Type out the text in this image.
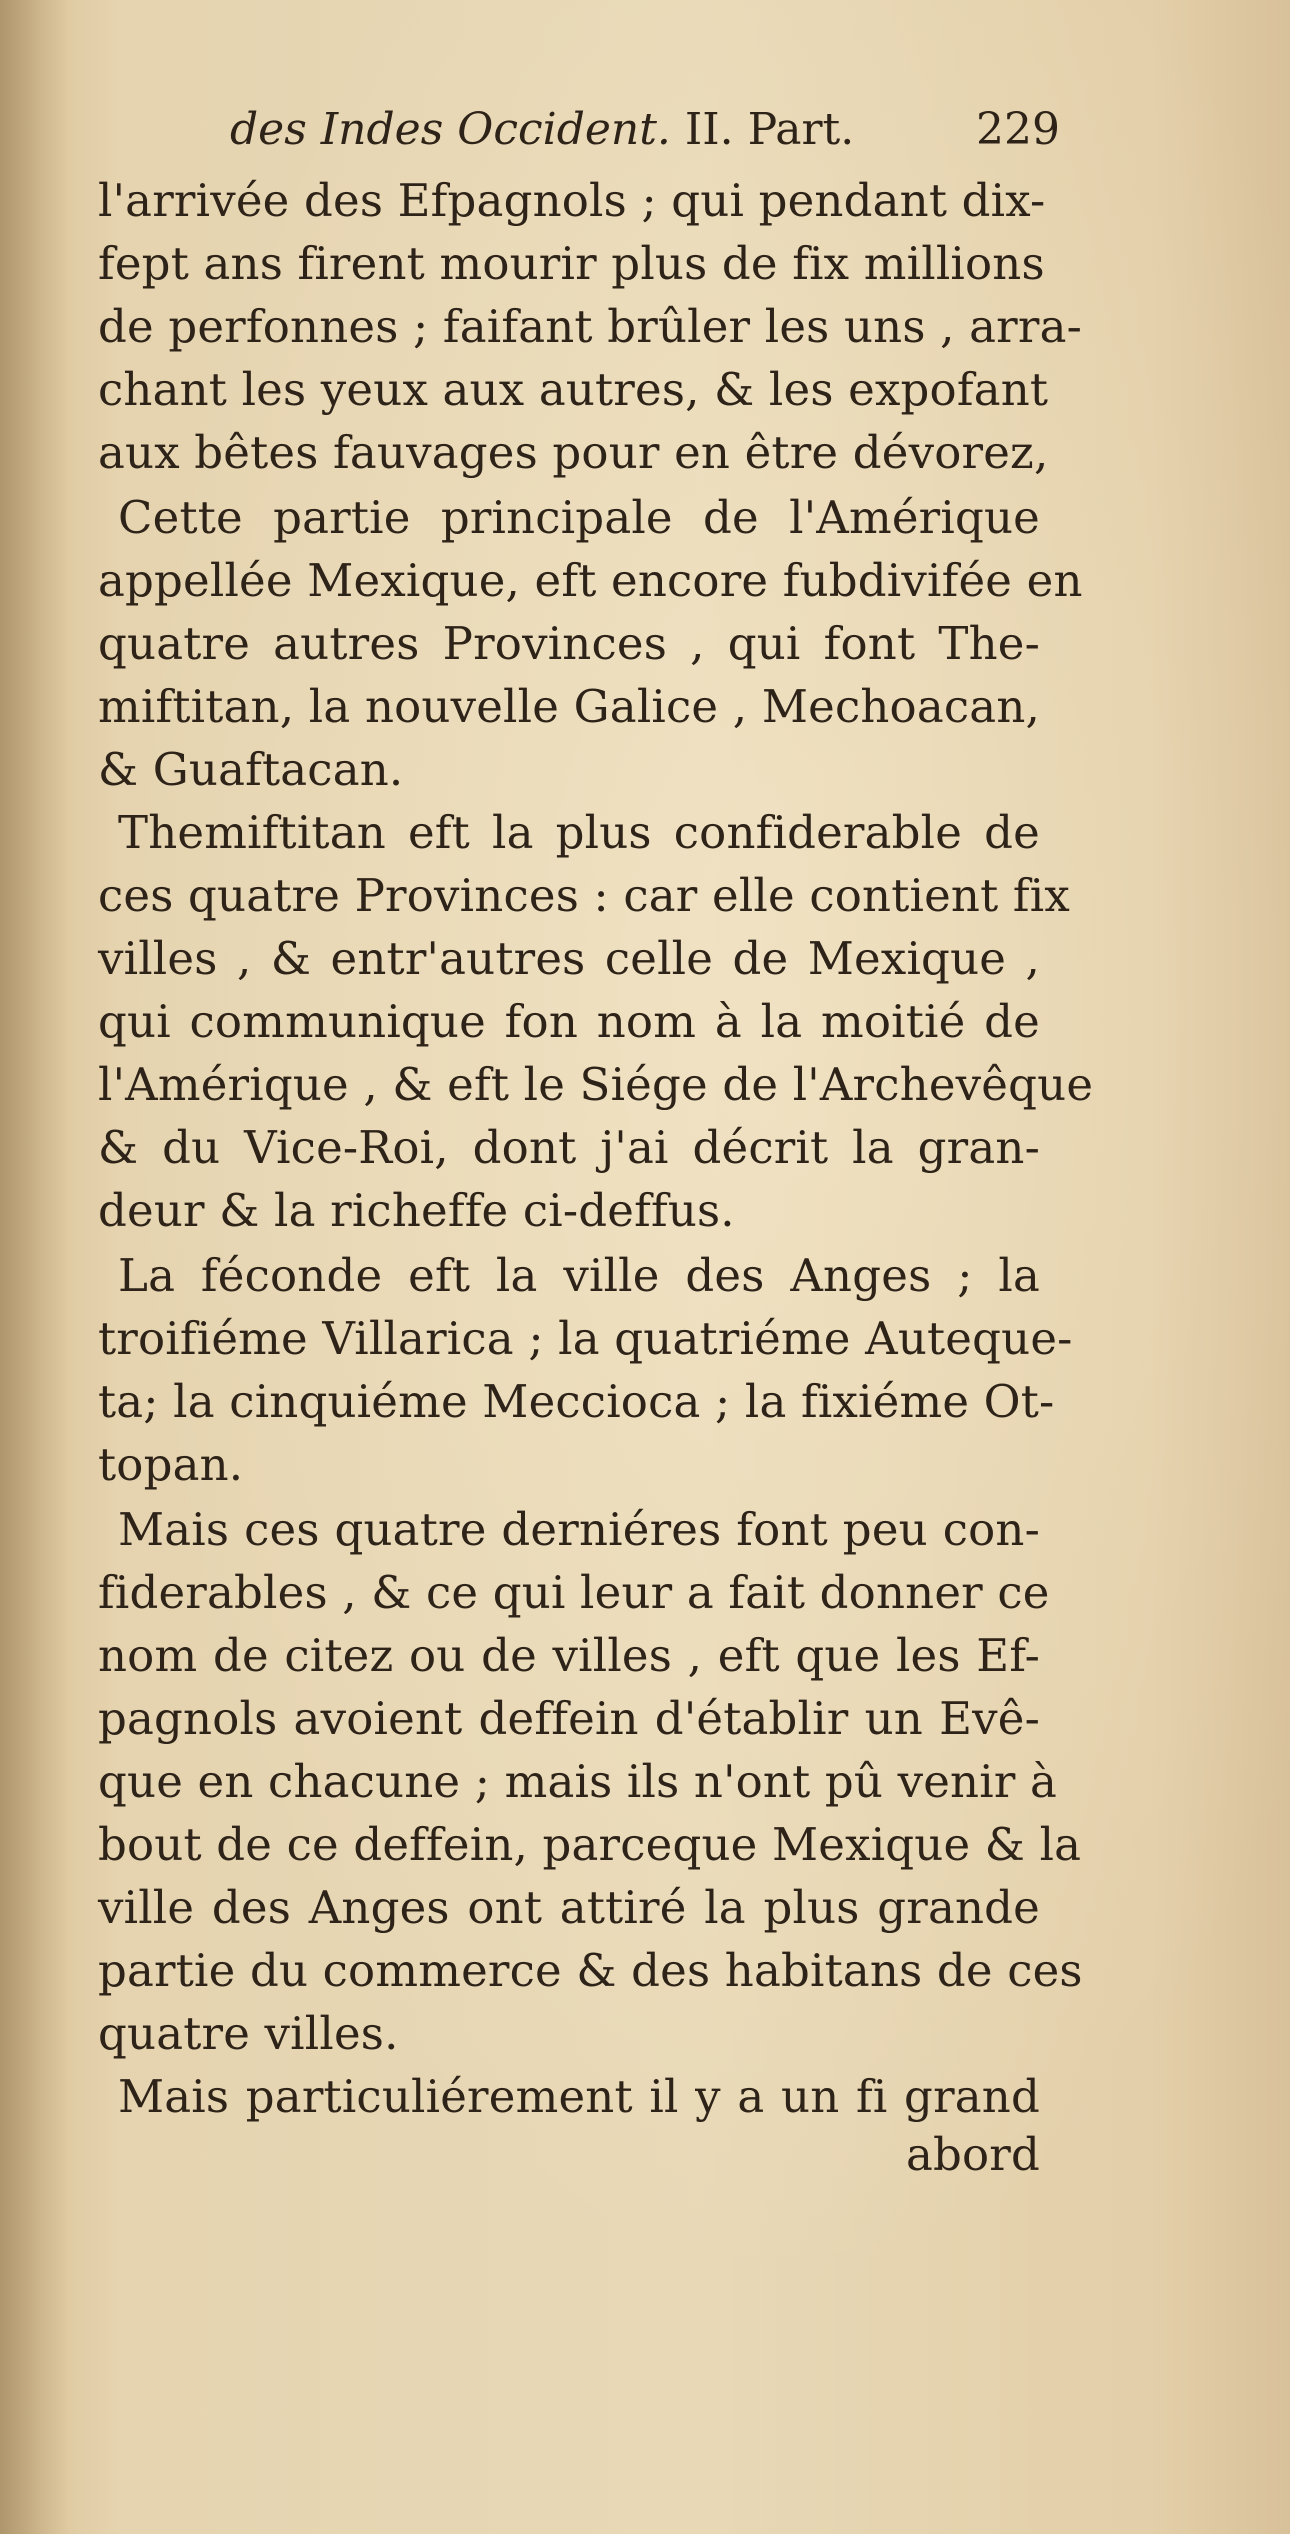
des Indes Occident. II. Part.	229
l'arrivée des Efpagnols ; qui pendant dix-
fept ans firent mourir plus de fix millions
de perfonnes ; faifant brûler les uns , arra-
chant les yeux aux autres, & les expofant
aux bêtes fauvages pour en être dévorez,
Cette partie principale de l'Amérique
appellée Mexique, eft encore fubdivifée en
quatre autres Provinces , qui font The-
miftitan, la nouvelle Galice , Mechoacan,
& Guaftacan.
Themiftitan eft la plus confiderable de
ces quatre Provinces : car elle contient fix
villes , & entr'autres celle de Mexique ,
qui communique fon nom à la moitié de
l'Amérique , & eft le Siége de l'Archevêque
& du Vice-Roi, dont j'ai décrit la gran-
deur & la richeffe ci-deffus.
La féconde eft la ville des Anges ; la
troifiéme Villarica ; la quatriéme Auteque-
ta; la cinquiéme Meccioca ; la fixiéme Ot-
topan.
Mais ces quatre derniéres font peu con-
fiderables , & ce qui leur a fait donner ce
nom de citez ou de villes , eft que les Ef-
pagnols avoient deffein d'établir un Evê-
que en chacune ; mais ils n'ont pû venir à
bout de ce deffein, parceque Mexique & la
ville des Anges ont attiré la plus grande
partie du commerce & des habitans de ces
quatre villes.
Mais particuliérement il y a un fi grand
abord
